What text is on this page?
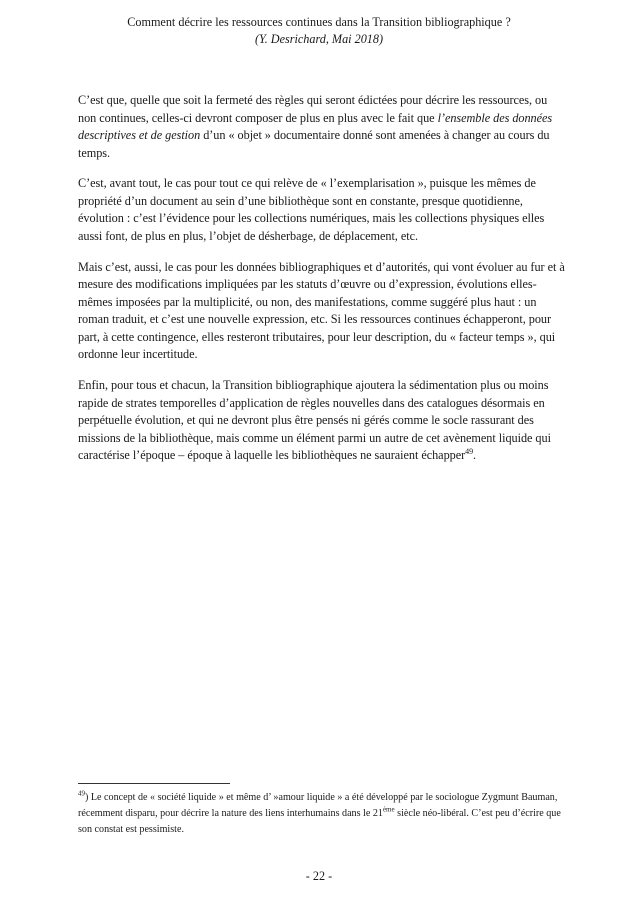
Comment décrire les ressources continues dans la Transition bibliographique ?
(Y. Desrichard, Mai 2018)

C’est que, quelle que soit la fermeté des règles qui seront édictées pour décrire les ressources, ou non continues, celles-ci devront composer de plus en plus avec le fait que l’ensemble des données descriptives et de gestion d’un « objet » documentaire donné sont amenées à changer au cours du temps.

C’est, avant tout, le cas pour tout ce qui relève de « l’exemplarisation », puisque les mêmes de propriété d’un document au sein d’une bibliothèque sont en constante, presque quotidienne, évolution : c’est l’évidence pour les collections numériques, mais les collections physiques elles aussi font, de plus en plus, l’objet de désherbage, de déplacement, etc.

Mais c’est, aussi, le cas pour les données bibliographiques et d’autorités, qui vont évoluer au fur et à mesure des modifications impliquées par les statuts d’œuvre ou d’expression, évolutions elles-mêmes imposées par la multiplicité, ou non, des manifestations, comme suggéré plus haut : un roman traduit, et c’est une nouvelle expression, etc. Si les ressources continues échapperont, pour part, à cette contingence, elles resteront tributaires, pour leur description, du « facteur temps », qui ordonne leur incertitude.

Enfin, pour tous et chacun, la Transition bibliographique ajoutera la sédimentation plus ou moins rapide de strates temporelles d’application de règles nouvelles dans des catalogues désormais en perpétuelle évolution, et qui ne devront plus être pensés ni gérés comme le socle rassurant des missions de la bibliothèque, mais comme un élément parmi un autre de cet avènement liquide qui caractérise l’époque – époque à laquelle les bibliothèques ne sauraient échapper$^{49}$.

$^{49}$) Le concept de « société liquide » et même d’ »amour liquide » a été développé par le sociologue Zygmunt Bauman, récemment disparu, pour décrire la nature des liens interhumains dans le 21ème siècle néo-libéral. C’est peu d’écrire que son constat est pessimiste.
- 22 -
